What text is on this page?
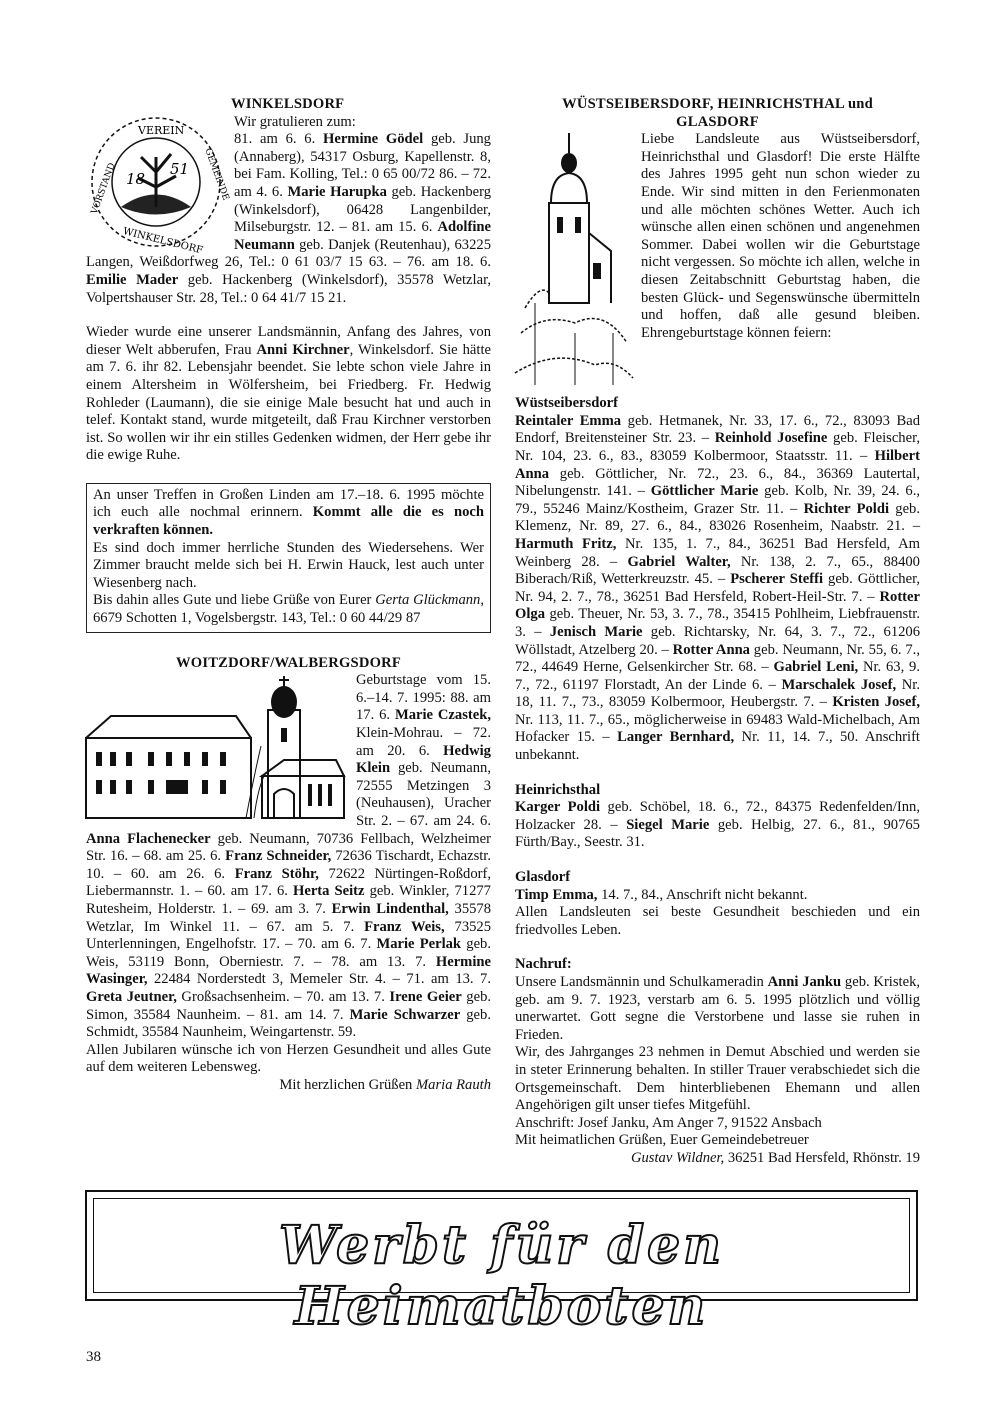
WINKELSDORF
18
51
VEREIN
VORSTAND	GEMEINDE
WINKELSDORF

Wir gratulieren zum:

81. am 6. 6. Hermine Gödel geb. Jung (Annaberg), 54317 Osburg, Kapellenstr. 8, bei Fam. Kolling, Tel.: 0 65 00/72 86. – 72. am 4. 6. Marie Harupka geb. Hackenberg (Winkelsdorf), 06428 Langenbilder, Milseburgstr. 12. – 81. am 15. 6. Adolfine Neumann geb. Danjek (Reutenhau), 63225 Langen, Weißdorfweg 26, Tel.: 0 61 03/7 15 63. – 76. am 18. 6. Emilie Mader geb. Hackenberg (Winkelsdorf), 35578 Wetzlar, Volpertshauser Str. 28, Tel.: 0 64 41/7 15 21.

Wieder wurde eine unserer Landsmännin, Anfang des Jahres, von dieser Welt abberufen, Frau Anni Kirchner, Winkelsdorf. Sie hätte am 7. 6. ihr 82. Lebensjahr beendet. Sie lebte schon viele Jahre in einem Altersheim in Wölfersheim, bei Friedberg. Fr. Hedwig Rohleder (Laumann), die sie einige Male besucht hat und auch in telef. Kontakt stand, wurde mitgeteilt, daß Frau Kirchner verstorben ist. So wollen wir ihr ein stilles Gedenken widmen, der Herr gebe ihr die ewige Ruhe.

An unser Treffen in Großen Linden am 17.–18. 6. 1995 möchte ich euch alle nochmal erinnern. Kommt alle die es noch verkraften können.

Es sind doch immer herrliche Stunden des Wiedersehens. Wer Zimmer braucht melde sich bei H. Erwin Hauck, lest auch unter Wiesenberg nach.

Bis dahin alles Gute und liebe Grüße von Eurer Gerta Glückmann, 6679 Schotten 1, Vogelsbergstr. 143, Tel.: 0 60 44/29 87

WOITZDORF/WALBERGSDORF

Geburtstage vom 15. 6.–14. 7. 1995: 88. am 17. 6. Marie Czastek, Klein-Mohrau. – 72. am 20. 6. Hedwig Klein geb. Neumann, 72555 Metzingen 3 (Neuhausen), Uracher Str. 2. – 67. am 24. 6. Anna Flachenecker geb. Neumann, 70736 Fellbach, Welzheimer Str. 16. – 68. am 25. 6. Franz Schneider, 72636 Tischardt, Echazstr. 10. – 60. am 26. 6. Franz Stöhr, 72622 Nürtingen-Roßdorf, Liebermannstr. 1. – 60. am 17. 6. Herta Seitz geb. Winkler, 71277 Rutesheim, Holderstr. 1. – 69. am 3. 7. Erwin Lindenthal, 35578 Wetzlar, Im Winkel 11. – 67. am 5. 7. Franz Weis, 73525 Unterlenningen, Engelhofstr. 17. – 70. am 6. 7. Marie Perlak geb. Weis, 53119 Bonn, Oberniestr. 7. – 78. am 13. 7. Hermine Wasinger, 22484 Norderstedt 3, Memeler Str. 4. – 71. am 13. 7. Greta Jeutner, Großsachsenheim. – 70. am 13. 7. Irene Geier geb. Simon, 35584 Naunheim. – 81. am 14. 7. Marie Schwarzer geb. Schmidt, 35584 Naunheim, Weingartenstr. 59.

Allen Jubilaren wünsche ich von Herzen Gesundheit und alles Gute auf dem weiteren Lebensweg.

Mit herzlichen Grüßen Maria Rauth

WÜSTSEIBERSDORF, HEINRICHSTHAL und
GLASDORF

Liebe Landsleute aus Wüstseibersdorf, Heinrichsthal und Glasdorf! Die erste Hälfte des Jahres 1995 geht nun schon wieder zu Ende. Wir sind mitten in den Ferienmonaten und alle möchten schönes Wetter. Auch ich wünsche allen einen schönen und angenehmen Sommer. Dabei wollen wir die Geburtstage nicht vergessen. So möchte ich allen, welche in diesen Zeitabschnitt Geburtstag haben, die besten Glück- und Segenswünsche übermitteln und hoffen, daß alle gesund bleiben. Ehrengeburtstage können feiern:

Wüstseibersdorf

Reintaler Emma geb. Hetmanek, Nr. 33, 17. 6., 72., 83093 Bad Endorf, Breitensteiner Str. 23. – Reinhold Josefine geb. Fleischer, Nr. 104, 23. 6., 83., 83059 Kolbermoor, Staatsstr. 11. – Hilbert Anna geb. Göttlicher, Nr. 72., 23. 6., 84., 36369 Lautertal, Nibelungenstr. 141. – Göttlicher Marie geb. Kolb, Nr. 39, 24. 6., 79., 55246 Mainz/Kostheim, Grazer Str. 11. – Richter Poldi geb. Klemenz, Nr. 89, 27. 6., 84., 83026 Rosenheim, Naabstr. 21. – Harmuth Fritz, Nr. 135, 1. 7., 84., 36251 Bad Hersfeld, Am Weinberg 28. – Gabriel Walter, Nr. 138, 2. 7., 65., 88400 Biberach/Riß, Wetterkreuzstr. 45. – Pscherer Steffi geb. Göttlicher, Nr. 94, 2. 7., 78., 36251 Bad Hersfeld, Robert-Heil-Str. 7. – Rotter Olga geb. Theuer, Nr. 53, 3. 7., 78., 35415 Pohlheim, Liebfrauenstr. 3. – Jenisch Marie geb. Richtarsky, Nr. 64, 3. 7., 72., 61206 Wöllstadt, Atzelberg 20. – Rotter Anna geb. Neumann, Nr. 55, 6. 7., 72., 44649 Herne, Gelsenkircher Str. 68. – Gabriel Leni, Nr. 63, 9. 7., 72., 61197 Florstadt, An der Linde 6. – Marschalek Josef, Nr. 18, 11. 7., 73., 83059 Kolbermoor, Heubergstr. 7. – Kristen Josef, Nr. 113, 11. 7., 65., möglicherweise in 69483 Wald-Michelbach, Am Hofacker 15. – Langer Bernhard, Nr. 11, 14. 7., 50. Anschrift unbekannt.

Heinrichsthal

Karger Poldi geb. Schöbel, 18. 6., 72., 84375 Redenfelden/Inn, Holzacker 28. – Siegel Marie geb. Helbig, 27. 6., 81., 90765 Fürth/Bay., Seestr. 31.

Glasdorf

Timp Emma, 14. 7., 84., Anschrift nicht bekannt.

Allen Landsleuten sei beste Gesundheit beschieden und ein friedvolles Leben.

Nachruf:

Unsere Landsmännin und Schulkameradin Anni Janku geb. Kristek, geb. am 9. 7. 1923, verstarb am 6. 5. 1995 plötzlich und völlig unerwartet. Gott segne die Verstorbene und lasse sie ruhen in Frieden.

Wir, des Jahrganges 23 nehmen in Demut Abschied und werden sie in steter Erinnerung behalten. In stiller Trauer verabschiedet sich die Ortsgemeinschaft. Dem hinterbliebenen Ehemann und allen Angehörigen gilt unser tiefes Mitgefühl.

Anschrift: Josef Janku, Am Anger 7, 91522 Ansbach

Mit heimatlichen Grüßen, Euer Gemeindebetreuer

Gustav Wildner, 36251 Bad Hersfeld, Rhönstr. 19

Werbt für den Heimatboten
38
